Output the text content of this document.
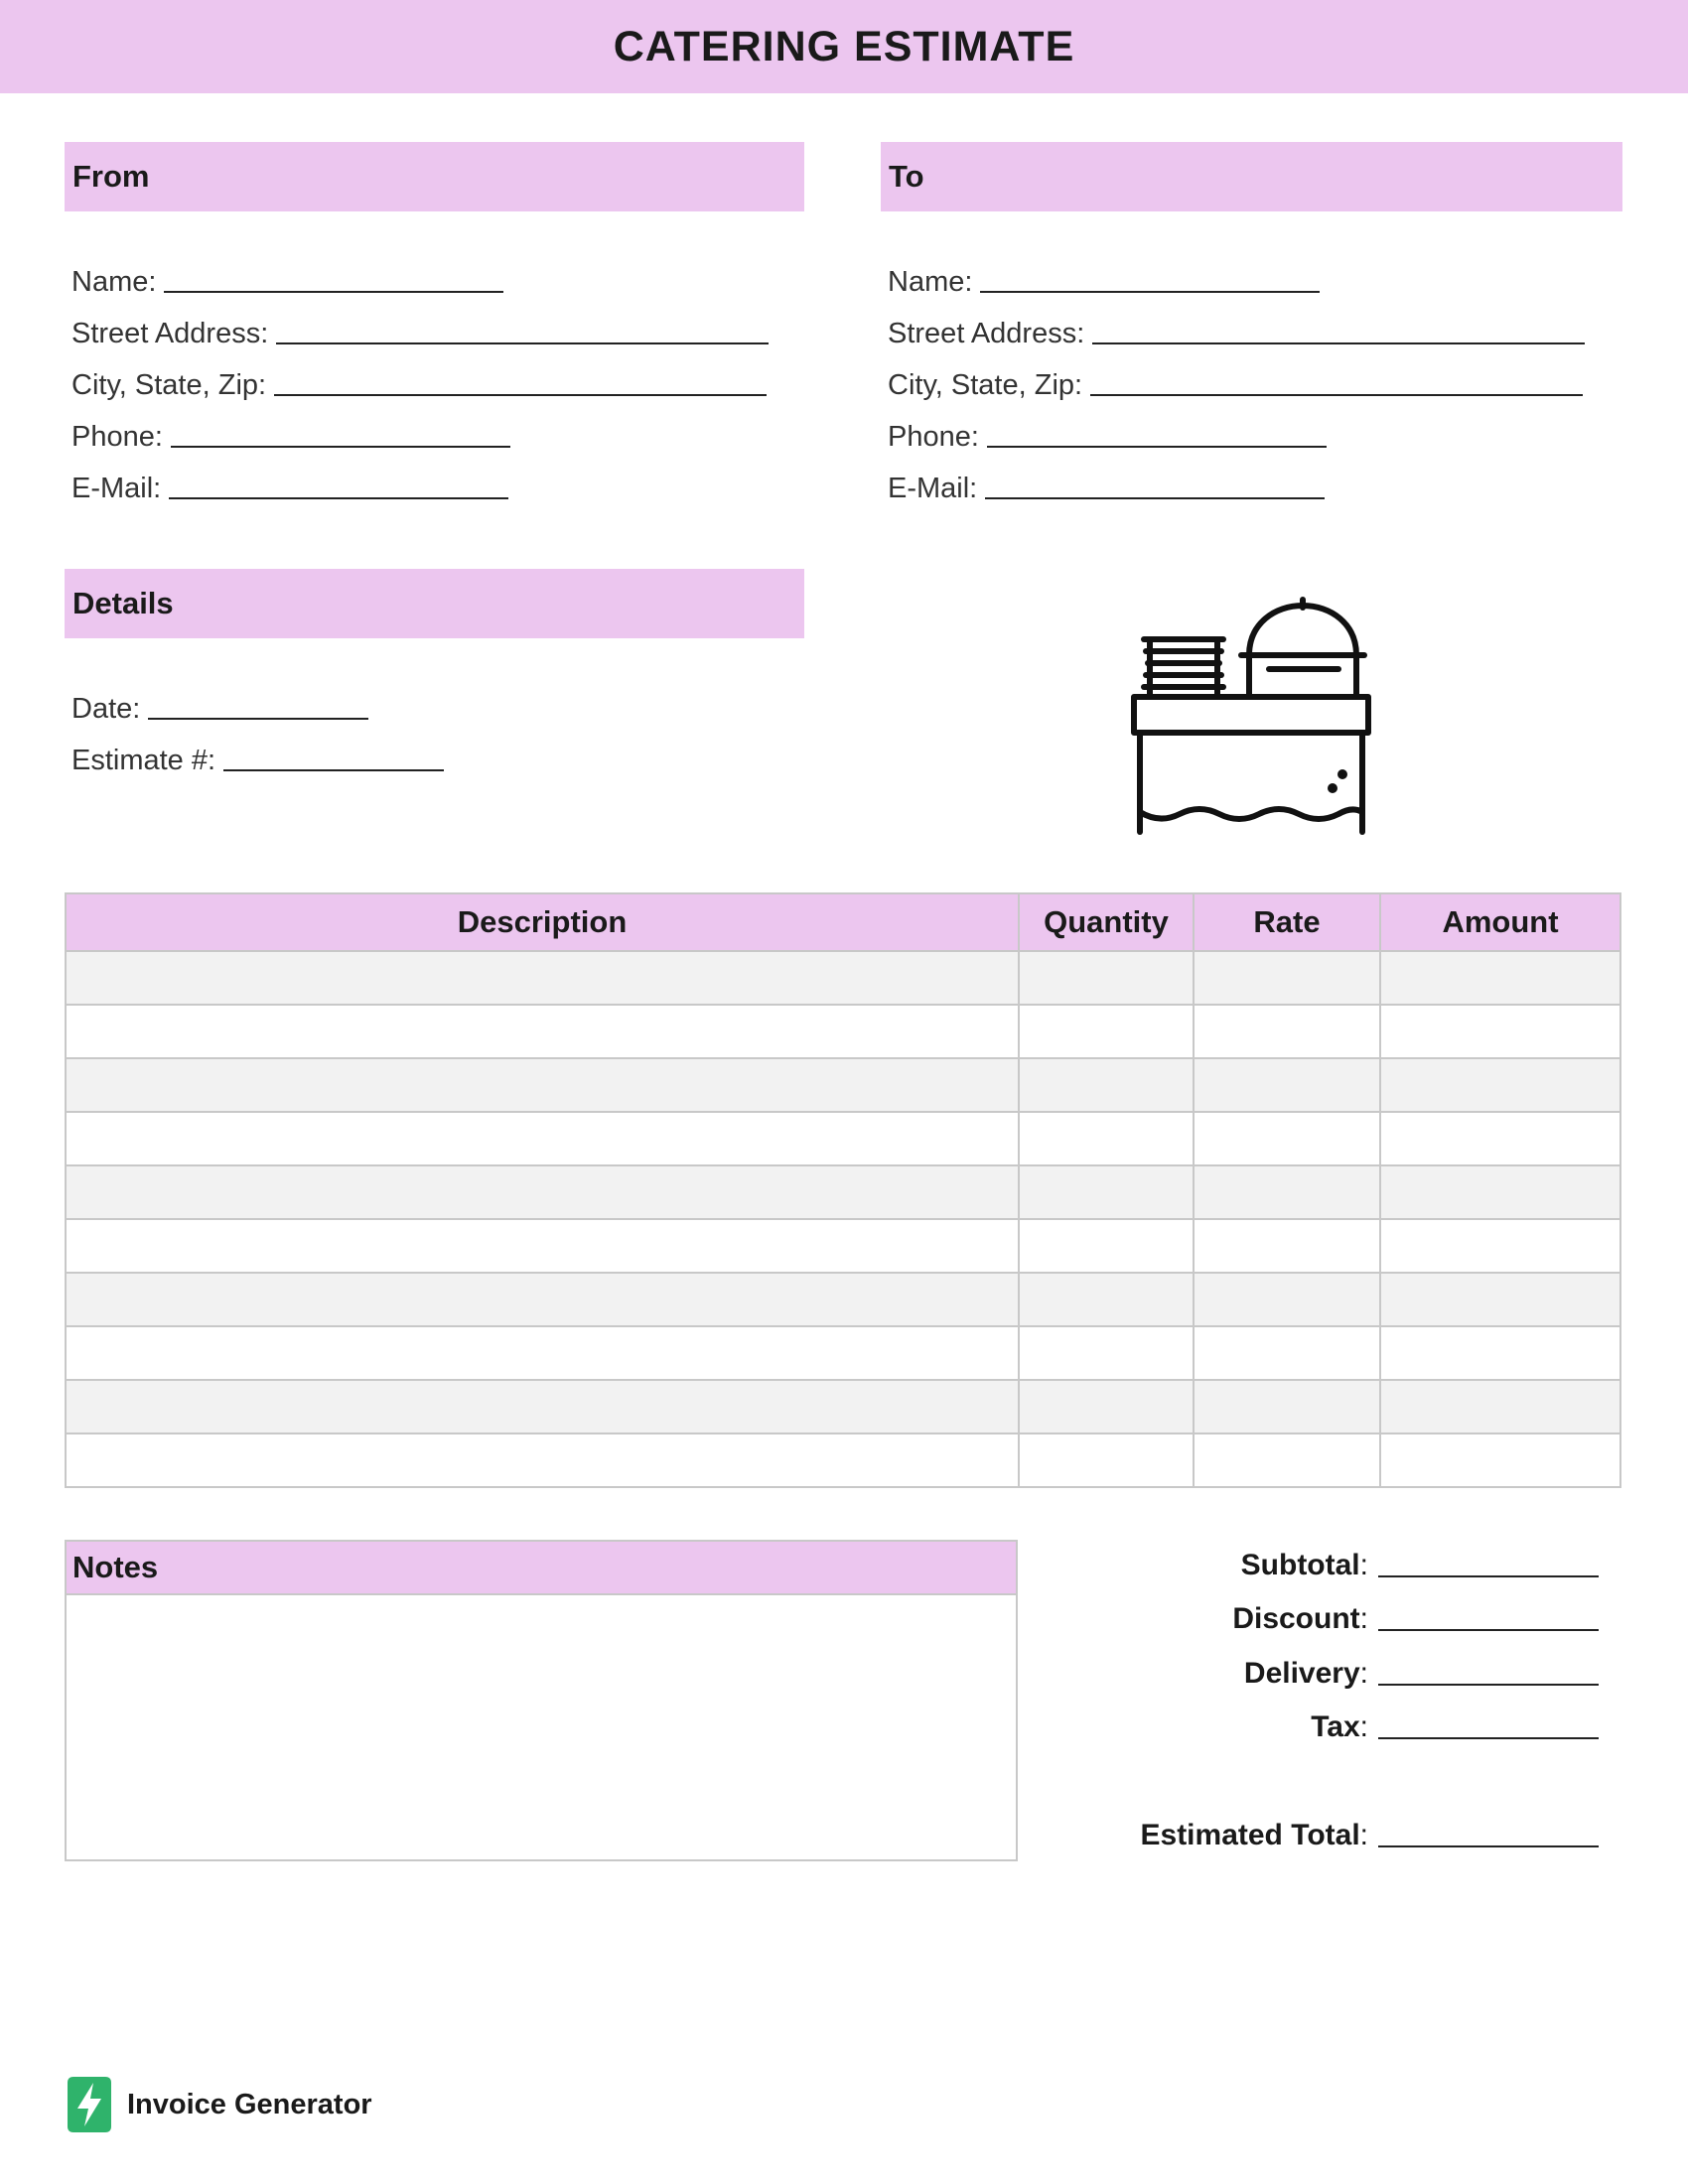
CATERING ESTIMATE
From
Name:
Street Address:
City, State, Zip:
Phone:
E-Mail:
To
Name:
Street Address:
City, State, Zip:
Phone:
E-Mail:
Details
Date:
Estimate #:
Description	Quantity	Rate	Amount

Notes	Subtotal :
Discount :
Delivery :
Tax :
Estimated Total :
Invoice Generator
